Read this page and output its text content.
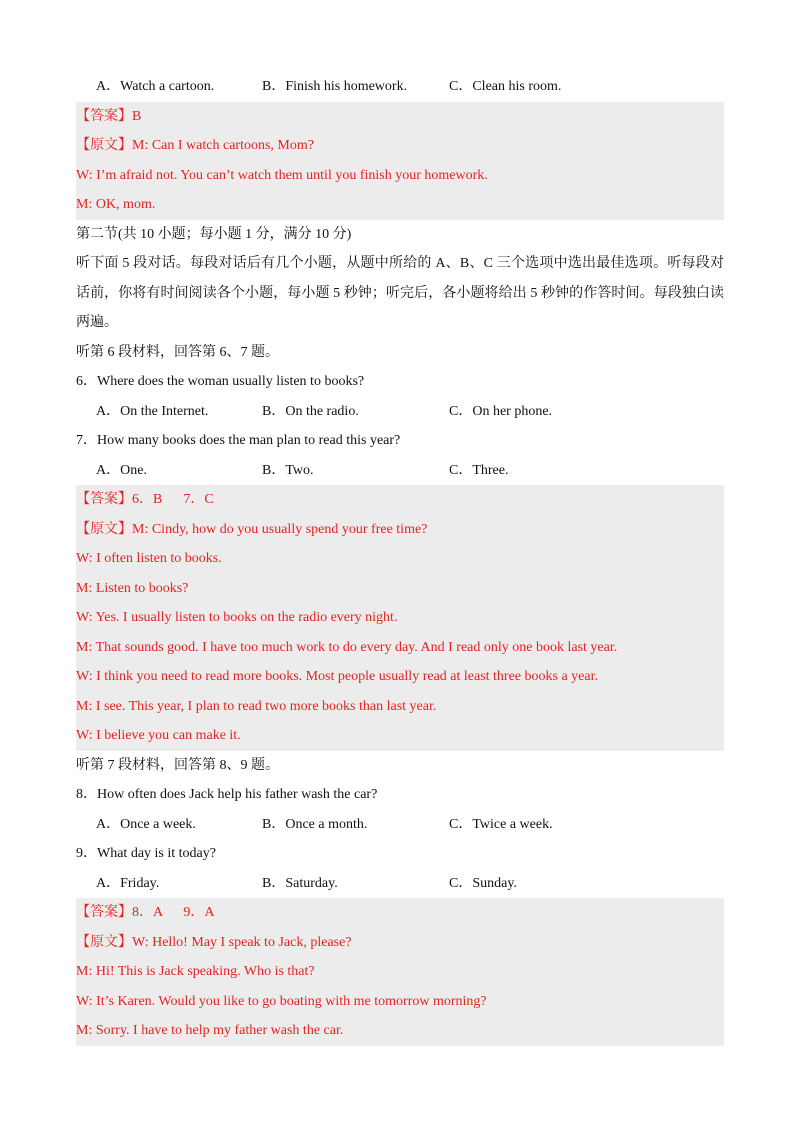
A．Watch a cartoon.

	B．Finish his homework.

	C．Clean his room.

【答案】B
【原文】M: Can I watch cartoons, Mom?
W: I’m afraid not. You can’t watch them until you finish your homework.
M: OK, mom.
第二节(共 10 小题；每小题 1 分，满分 10 分)
听下面 5 段对话。每段对话后有几个小题，从题中所给的 A、B、C 三个选项中选出最佳选项。听每段对
话前，你将有时间阅读各个小题，每小题 5 秒钟；听完后，各小题将给出 5 秒钟的作答时间。每段独白读
两遍。
听第 6 段材料，回答第 6、7 题。
6．Where does the woman usually listen to books?

A．On the Internet.

	B．On the radio.

	C．On her phone.

7．How many books does the man plan to read this year?

A．One.

	B．Two.

	C．Three.

【答案】6．B      7．C
【原文】M: Cindy, how do you usually spend your free time?
W: I often listen to books.
M: Listen to books?
W: Yes. I usually listen to books on the radio every night.
M: That sounds good. I have too much work to do every day. And I read only one book last year.
W: I think you need to read more books. Most people usually read at least three books a year.
M: I see. This year, I plan to read two more books than last year.
W: I believe you can make it.
听第 7 段材料，回答第 8、9 题。
8．How often does Jack help his father wash the car?

A．Once a week.

	B．Once a month.

	C．Twice a week.

9．What day is it today?

A．Friday.

	B．Saturday.

	C．Sunday.

【答案】8．A      9．A
【原文】W: Hello! May I speak to Jack, please?
M: Hi! This is Jack speaking. Who is that?
W: It’s Karen. Would you like to go boating with me tomorrow morning?
M: Sorry. I have to help my father wash the car.
